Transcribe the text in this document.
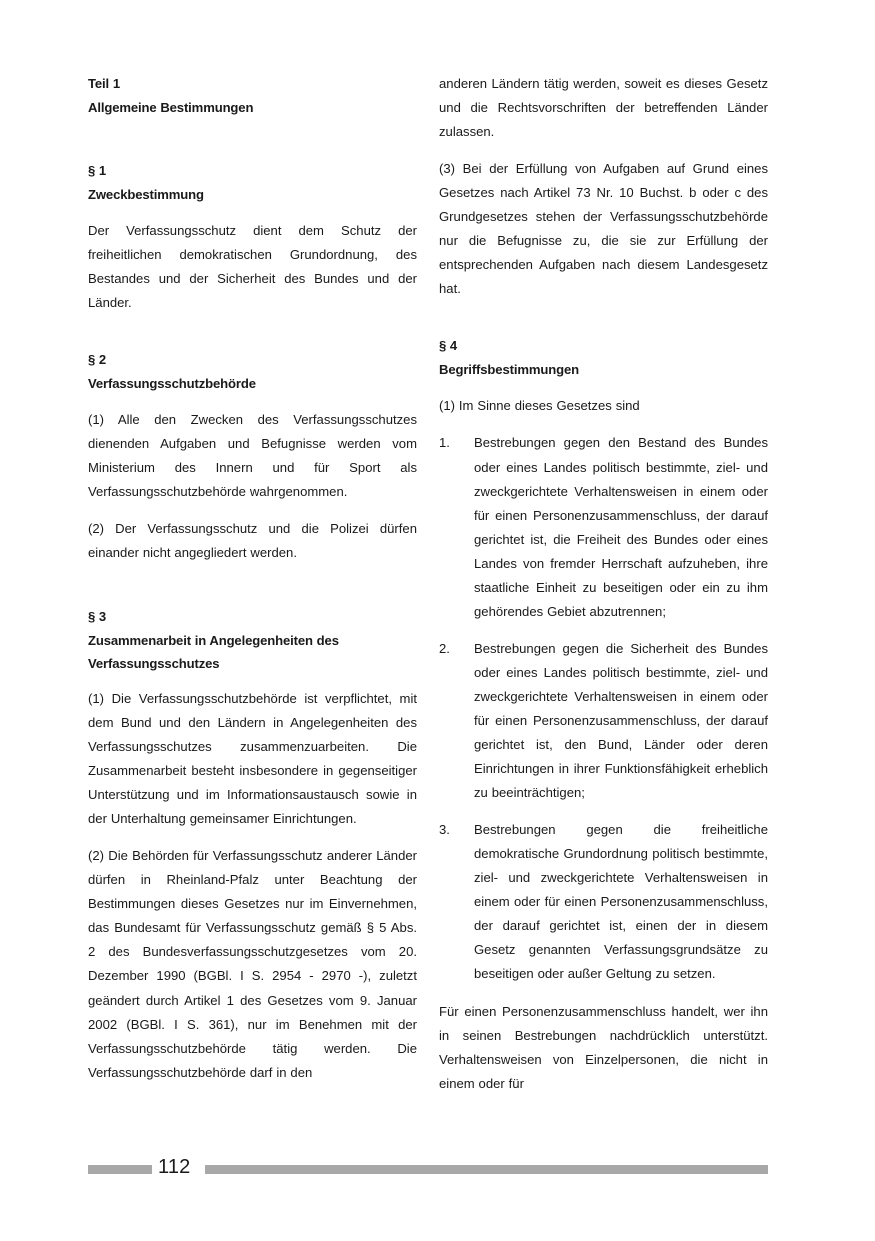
Teil 1
Allgemeine Bestimmungen
§ 1
Zweckbestimmung

Der Verfassungsschutz dient dem Schutz der freiheitlichen demokratischen Grundordnung, des Bestandes und der Sicherheit des Bundes und der Länder.

§ 2
Verfassungsschutzbehörde

(1) Alle den Zwecken des Verfassungsschutzes dienenden Aufgaben und Befugnisse werden vom Ministerium des Innern und für Sport als Verfassungsschutzbehörde wahrgenommen.

(2) Der Verfassungsschutz und die Polizei dürfen einander nicht angegliedert werden.

§ 3
Zusammenarbeit in Angelegenheiten des
Verfassungsschutzes

(1) Die Verfassungsschutzbehörde ist verpflichtet, mit dem Bund und den Ländern in Angelegenheiten des Verfassungsschutzes zusammenzuarbeiten. Die Zusammenarbeit besteht insbesondere in gegenseitiger Unterstützung und im Informationsaustausch sowie in der Unterhaltung gemeinsamer Einrichtungen.

(2) Die Behörden für Verfassungsschutz anderer Länder dürfen in Rheinland-Pfalz unter Beachtung der Bestimmungen dieses Gesetzes nur im Einvernehmen, das Bundesamt für Verfassungsschutz gemäß § 5 Abs. 2 des Bundesverfassungsschutzgesetzes vom 20. Dezember 1990 (BGBl. I S. 2954 - 2970 -), zuletzt geändert durch Artikel 1 des Gesetzes vom 9. Januar 2002 (BGBl. I S. 361), nur im Benehmen mit der Verfassungsschutzbehörde tätig werden. Die Verfassungsschutzbehörde darf in den

anderen Ländern tätig werden, soweit es dieses Gesetz und die Rechtsvorschriften der betreffenden Länder zulassen.

(3) Bei der Erfüllung von Aufgaben auf Grund eines Gesetzes nach Artikel 73 Nr. 10 Buchst. b oder c des Grundgesetzes stehen der Verfassungsschutzbehörde nur die Befugnisse zu, die sie zur Erfüllung der entsprechenden Aufgaben nach diesem Landesgesetz hat.

§ 4
Begriffsbestimmungen

(1) Im Sinne dieses Gesetzes sind

1. Bestrebungen gegen den Bestand des Bundes oder eines Landes politisch bestimmte, ziel- und zweckgerichtete Verhaltensweisen in einem oder für einen Personenzusammenschluss, der darauf gerichtet ist, die Freiheit des Bundes oder eines Landes von fremder Herrschaft aufzuheben, ihre staatliche Einheit zu beseitigen oder ein zu ihm gehörendes Gebiet abzutrennen;
2. Bestrebungen gegen die Sicherheit des Bundes oder eines Landes politisch bestimmte, ziel- und zweckgerichtete Verhaltensweisen in einem oder für einen Personenzusammenschluss, der darauf gerichtet ist, den Bund, Länder oder deren Einrichtungen in ihrer Funktionsfähigkeit erheblich zu beeinträchtigen;
3. Bestrebungen gegen die freiheitliche demokratische Grundordnung politisch bestimmte, ziel- und zweckgerichtete Verhaltensweisen in einem oder für einen Personenzusammenschluss, der darauf gerichtet ist, einen der in diesem Gesetz genannten Verfassungsgrundsätze zu beseitigen oder außer Geltung zu setzen.

Für einen Personenzusammenschluss handelt, wer ihn in seinen Bestrebungen nachdrücklich unterstützt. Verhaltensweisen von Einzelpersonen, die nicht in einem oder für

112
